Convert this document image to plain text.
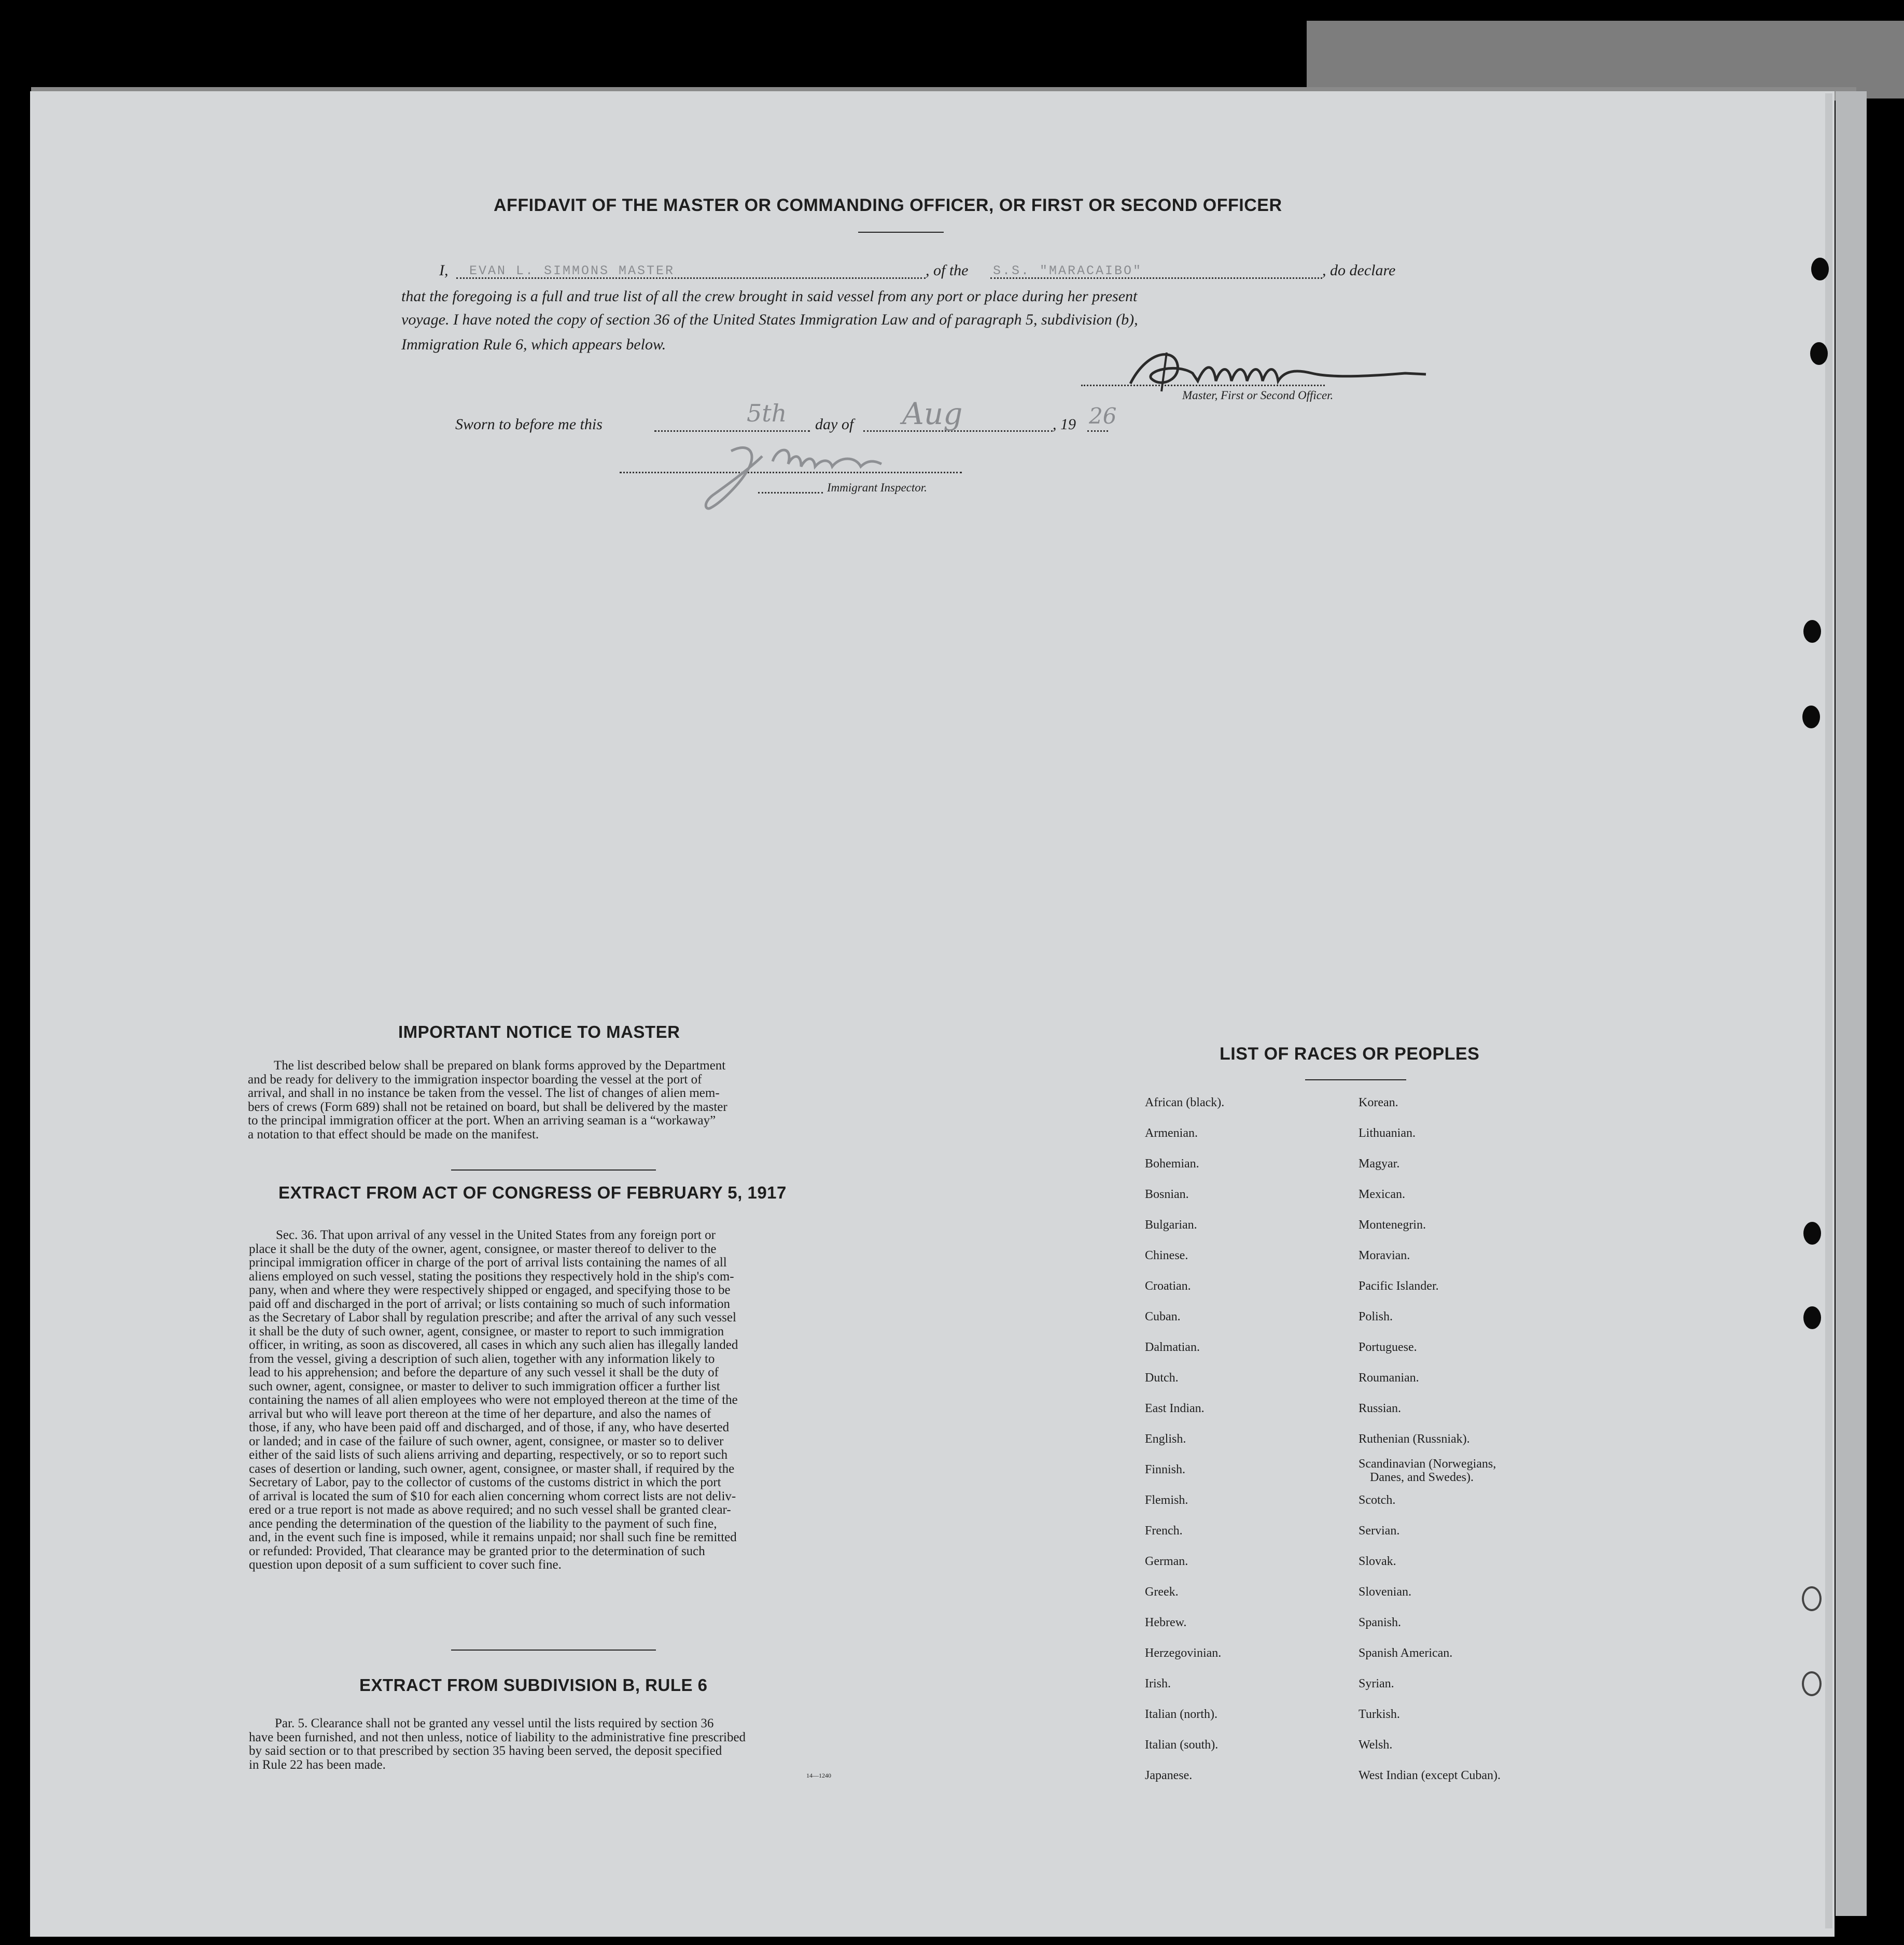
AFFIDAVIT OF THE MASTER OR COMMANDING OFFICER, OR FIRST OR SECOND OFFICER
I, EVAN L. SIMMONS MASTER	, of the S.S. "MARACAIBO"	, do declare
that the foregoing is a full and true list of all the crew brought in said vessel from any port or place during her present
voyage. I have noted the copy of section 36 of the United States Immigration Law and of paragraph 5, subdivision (b),
Immigration Rule 6, which appears below.
Master, First or Second Officer.
Sworn to before me this	5th day of Aug	, 19 26
Immigrant Inspector.
IMPORTANT NOTICE TO MASTER

The list described below shall be prepared on blank forms approved by the Department

and be ready for delivery to the immigration inspector boarding the vessel at the port of

arrival, and shall in no instance be taken from the vessel. The list of changes of alien mem-

bers of crews (Form 689) shall not be retained on board, but shall be delivered by the master

to the principal immigration officer at the port. When an arriving seaman is a “workaway”

a notation to that effect should be made on the manifest.

EXTRACT FROM ACT OF CONGRESS OF FEBRUARY 5, 1917

Sec. 36. That upon arrival of any vessel in the United States from any foreign port or

place it shall be the duty of the owner, agent, consignee, or master thereof to deliver to the

principal immigration officer in charge of the port of arrival lists containing the names of all

aliens employed on such vessel, stating the positions they respectively hold in the ship's com-

pany, when and where they were respectively shipped or engaged, and specifying those to be

paid off and discharged in the port of arrival; or lists containing so much of such information

as the Secretary of Labor shall by regulation prescribe; and after the arrival of any such vessel

it shall be the duty of such owner, agent, consignee, or master to report to such immigration

officer, in writing, as soon as discovered, all cases in which any such alien has illegally landed

from the vessel, giving a description of such alien, together with any information likely to

lead to his apprehension; and before the departure of any such vessel it shall be the duty of

such owner, agent, consignee, or master to deliver to such immigration officer a further list

containing the names of all alien employees who were not employed thereon at the time of the

arrival but who will leave port thereon at the time of her departure, and also the names of

those, if any, who have been paid off and discharged, and of those, if any, who have deserted

or landed; and in case of the failure of such owner, agent, consignee, or master so to deliver

either of the said lists of such aliens arriving and departing, respectively, or so to report such

cases of desertion or landing, such owner, agent, consignee, or master shall, if required by the

Secretary of Labor, pay to the collector of customs of the customs district in which the port

of arrival is located the sum of $10 for each alien concerning whom correct lists are not deliv-

ered or a true report is not made as above required; and no such vessel shall be granted clear-

ance pending the determination of the question of the liability to the payment of such fine,

and, in the event such fine is imposed, while it remains unpaid; nor shall such fine be remitted

or refunded: Provided, That clearance may be granted prior to the determination of such

question upon deposit of a sum sufficient to cover such fine.

EXTRACT FROM SUBDIVISION B, RULE 6

Par. 5. Clearance shall not be granted any vessel until the lists required by section 36

have been furnished, and not then unless, notice of liability to the administrative fine prescribed

by said section or to that prescribed by section 35 having been served, the deposit specified

in Rule 22 has been made.

14—1240
LIST OF RACES OR PEOPLES
African (black).
Armenian.
Bohemian.
Bosnian.
Bulgarian.
Chinese.
Croatian.
Cuban.
Dalmatian.
Dutch.
East Indian.
English.
Finnish.
Flemish.
French.
German.
Greek.
Hebrew.
Herzegovinian.
Irish.
Italian (north).
Italian (south).
Japanese.
Korean.
Lithuanian.
Magyar.
Mexican.
Montenegrin.
Moravian.
Pacific Islander.
Polish.
Portuguese.
Roumanian.
Russian.
Ruthenian (Russniak).
Scandinavian (Norwegians,
Danes, and Swedes).
Scotch.
Servian.
Slovak.
Slovenian.
Spanish.
Spanish American.
Syrian.
Turkish.
Welsh.
West Indian (except Cuban).
